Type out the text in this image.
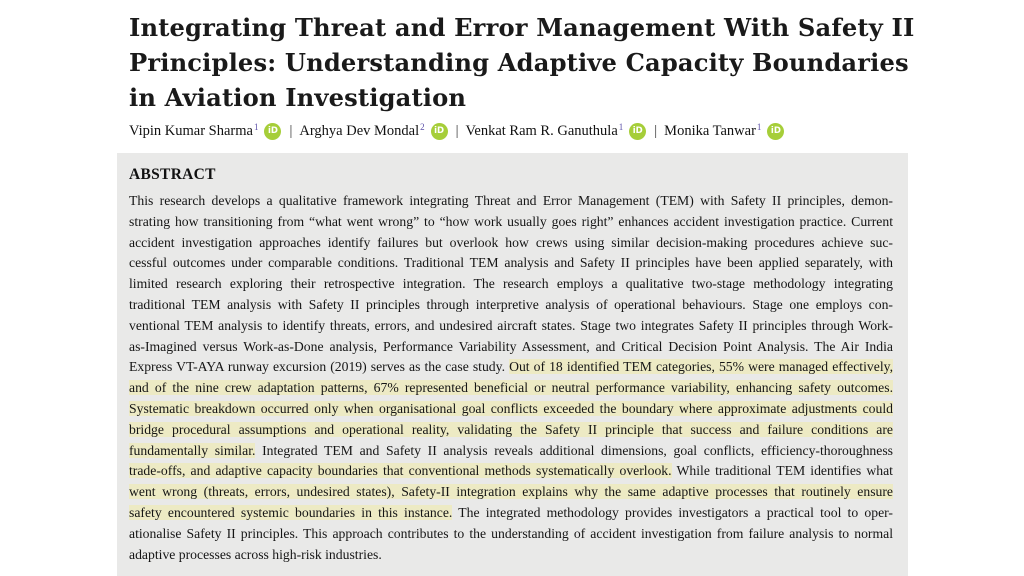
Integrating Threat and Error Management With Safety II
Principles: Understanding Adaptive Capacity Boundaries
in Aviation Investigation
Vipin Kumar Sharma$^1$	iD | Arghya Dev Mondal$^2$	iD | Venkat Ram R. Ganuthula$^1$	iD | Monika Tanwar$^1$	iD
ABSTRACT
This research develops a qualitative framework integrating Threat and Error Management (TEM) with Safety II principles, demon-
strating how transitioning from “what went wrong” to “how work usually goes right” enhances accident investigation practice. Current
accident investigation approaches identify failures but overlook how crews using similar decision-making procedures achieve suc-
cessful outcomes under comparable conditions. Traditional TEM analysis and Safety II principles have been applied separately, with
limited research exploring their retrospective integration. The research employs a qualitative two-stage methodology integrating
traditional TEM analysis with Safety II principles through interpretive analysis of operational behaviours. Stage one employs con-
ventional TEM analysis to identify threats, errors, and undesired aircraft states. Stage two integrates Safety II principles through Work-
as-Imagined versus Work-as-Done analysis, Performance Variability Assessment, and Critical Decision Point Analysis. The Air India
Express VT-AYA runway excursion (2019) serves as the case study. Out of 18 identified TEM categories, 55% were managed effectively,
and of the nine crew adaptation patterns, 67% represented beneficial or neutral performance variability, enhancing safety outcomes.
Systematic breakdown occurred only when organisational goal conflicts exceeded the boundary where approximate adjustments could
bridge procedural assumptions and operational reality, validating the Safety II principle that success and failure conditions are
fundamentally similar. Integrated TEM and Safety II analysis reveals additional dimensions, goal conflicts, efficiency-thoroughness
trade-offs, and adaptive capacity boundaries that conventional methods systematically overlook. While traditional TEM identifies what
went wrong (threats, errors, undesired states), Safety-II integration explains why the same adaptive processes that routinely ensure
safety encountered systemic boundaries in this instance. The integrated methodology provides investigators a practical tool to oper-
ationalise Safety II principles. This approach contributes to the understanding of accident investigation from failure analysis to normal
adaptive processes across high-risk industries.
